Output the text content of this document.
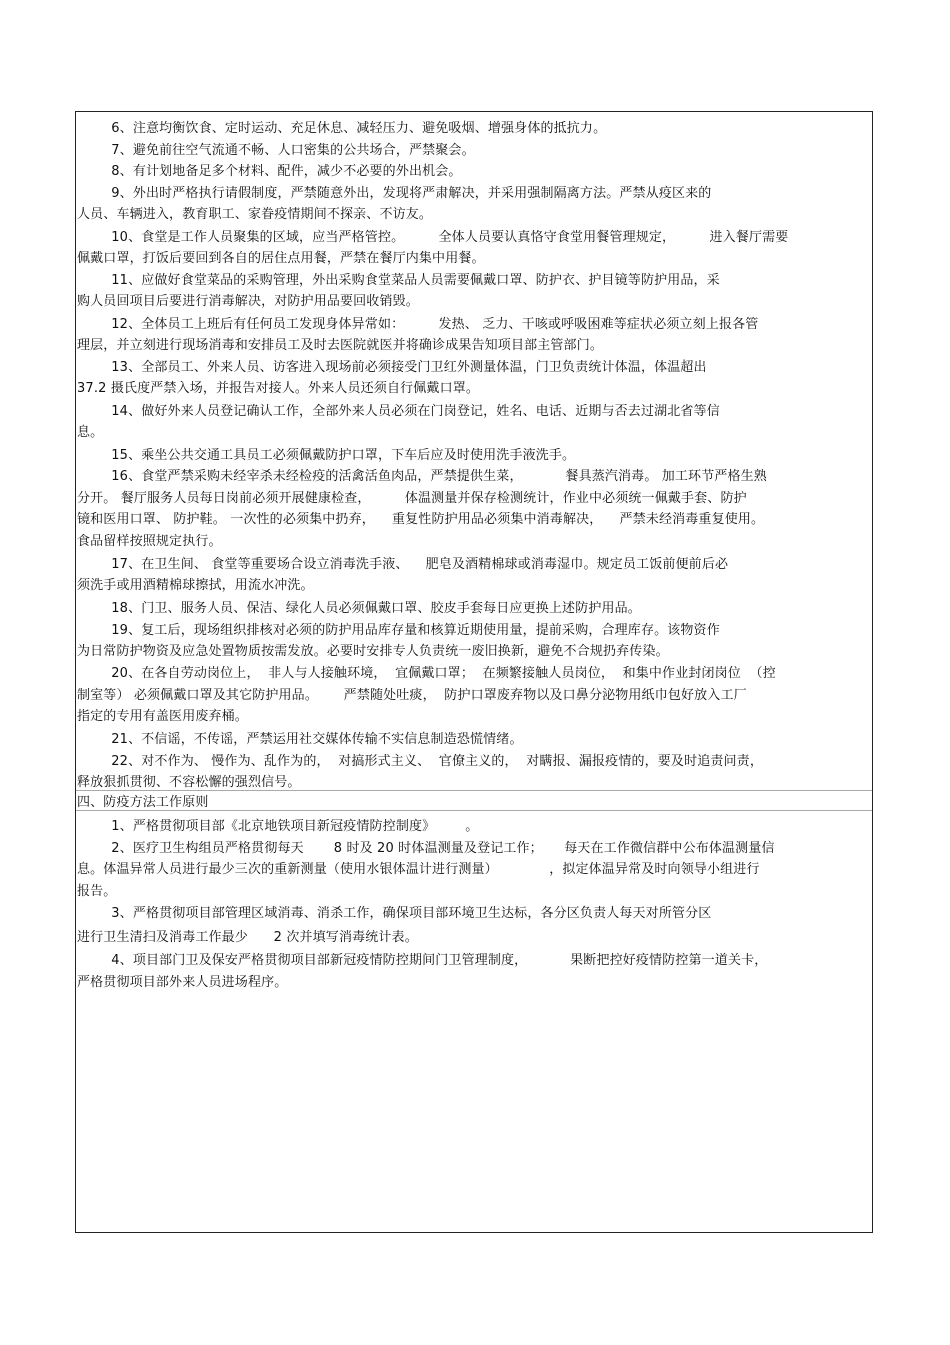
6、注意均衡饮食、定时运动、充足休息、减轻压力、避免吸烟、增强身体的抵抗力。
7、避免前往空气流通不畅、人口密集的公共场合，严禁聚会。
8、有计划地备足多个材料、配件，减少不必要的外出机会。
9、外出时严格执行请假制度，严禁随意外出，发现将严肃解决，并采用强制隔离方法。严禁从疫区来的
人员、车辆进入，教育职工、家眷疫情期间不探亲、不访友。
10、食堂是工作人员聚集的区域，应当严格管控。        全体人员要认真恪守食堂用餐管理规定，        进入餐厅需要
佩戴口罩，打饭后要回到各自的居住点用餐，严禁在餐厅内集中用餐。
11、应做好食堂菜品的采购管理，外出采购食堂菜品人员需要佩戴口罩、防护衣、护目镜等防护用品，采
购人员回项目后要进行消毒解决，对防护用品要回收销毁。
12、全体员工上班后有任何员工发现身体异常如：        发热、 乏力、干咳或呼吸困难等症状必须立刻上报各管
理层，并立刻进行现场消毒和安排员工及时去医院就医并将确诊成果告知项目部主管部门。
13、全部员工、外来人员、访客进入现场前必须接受门卫红外测量体温，门卫负责统计体温，体温超出
37.2 摄氏度严禁入场，并报告对接人。外来人员还须自行佩戴口罩。
14、做好外来人员登记确认工作，全部外来人员必须在门岗登记，姓名、电话、近期与否去过湖北省等信
息。
15、乘坐公共交通工具员工必须佩戴防护口罩，下车后应及时使用洗手液洗手。
16、食堂严禁采购未经宰杀未经检疫的活禽活鱼肉品，严禁提供生菜，          餐具蒸汽消毒。 加工环节严格生熟
分开。 餐厅服务人员每日岗前必须开展健康检查，        体温测量并保存检测统计，作业中必须统一佩戴手套、防护
镜和医用口罩、 防护鞋。 一次性的必须集中扔弃，    重复性防护用品必须集中消毒解决，    严禁未经消毒重复使用。
食品留样按照规定执行。
17、在卫生间、 食堂等重要场合设立消毒洗手液、    肥皂及酒精棉球或消毒湿巾。规定员工饭前便前后必
须洗手或用酒精棉球擦拭，用流水冲洗。
18、门卫、服务人员、保洁、绿化人员必须佩戴口罩、胶皮手套每日应更换上述防护用品。
19、复工后，现场组织排核对必须的防护用品库存量和核算近期使用量，提前采购，合理库存。该物资作
为日常防护物资及应急处置物质按需发放。必要时安排专人负责统一废旧换新，避免不合规扔弃传染。
20、在各自劳动岗位上，  非人与人接触环境，  宜佩戴口罩；  在频繁接触人员岗位，  和集中作业封闭岗位  （控
制室等） 必须佩戴口罩及其它防护用品。      严禁随处吐痰，  防护口罩废弃物以及口鼻分泌物用纸巾包好放入工厂
指定的专用有盖医用废弃桶。
21、不信谣，不传谣，严禁运用社交媒体传输不实信息制造恐慌情绪。
22、对不作为、 慢作为、乱作为的，  对搞形式主义、  官僚主义的，  对瞒报、漏报疫情的，要及时追责问责，
释放狠抓贯彻、不容松懈的强烈信号。
四、防疫方法工作原则
1、严格贯彻项目部《北京地铁项目新冠疫情防控制度》       。
2、医疗卫生构组员严格贯彻每天       8 时及 20 时体温测量及登记工作；     每天在工作微信群中公布体温测量信
息。体温异常人员进行最少三次的重新测量（使用水银体温计进行测量）            ，拟定体温异常及时向领导小组进行
报告。
3、严格贯彻项目部管理区域消毒、消杀工作，确保项目部环境卫生达标，各分区负责人每天对所管分区
进行卫生清扫及消毒工作最少      2 次并填写消毒统计表。
4、项目部门卫及保安严格贯彻项目部新冠疫情防控期间门卫管理制度，          果断把控好疫情防控第一道关卡，
严格贯彻项目部外来人员进场程序。
